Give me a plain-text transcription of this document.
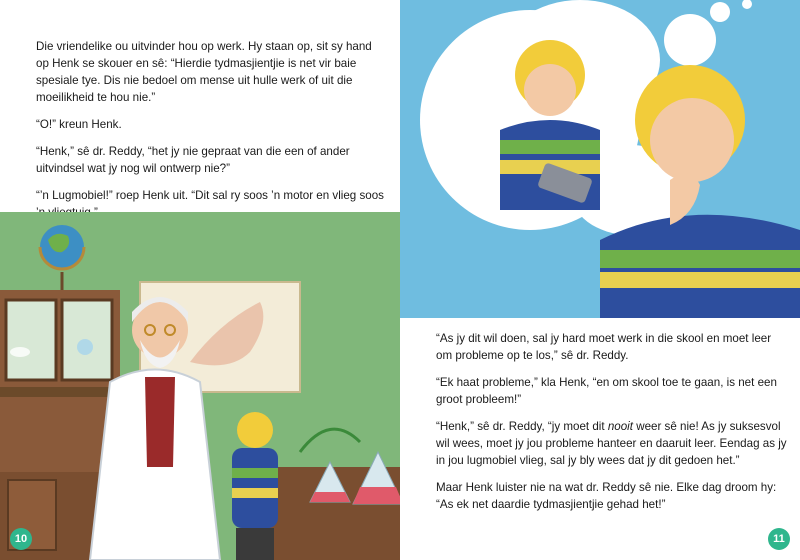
Die vriendelike ou uitvinder hou op werk. Hy staan op, sit sy hand op Henk se skouer en sê: “Hierdie tydmasjientjie is net vir baie spesiale tye. Dis nie bedoel om mense uit hulle werk of uit die moeilikheid te hou nie.”

“O!” kreun Henk.

“Henk,” sê dr. Reddy, “het jy nie gepraat van die een of ander uitvindsel wat jy nog wil ontwerp nie?”

“’n Lugmobiel!” roep Henk uit. “Dit sal ry soos ’n motor en vlieg soos

10

“As jy dit wil doen, sal jy hard moet werk in die skool en moet leer om probleme op te los,” sê dr. Reddy.

“Ek haat probleme,” kla Henk, “en om skool toe te gaan, is net een groot probleem!”

“Henk,” sê dr. Reddy, “jy moet dit nooit weer sê nie! As jy suksesvol wil wees, moet jy jou probleme hanteer en daaruit leer. Eendag as jy in jou lugmobiel vlieg, sal jy bly wees dat jy dit gedoen het.”

Maar Henk luister nie na wat dr. Reddy sê nie. Elke dag droom hy: “As ek net daardie tydmasjientjie gehad het!”

11
